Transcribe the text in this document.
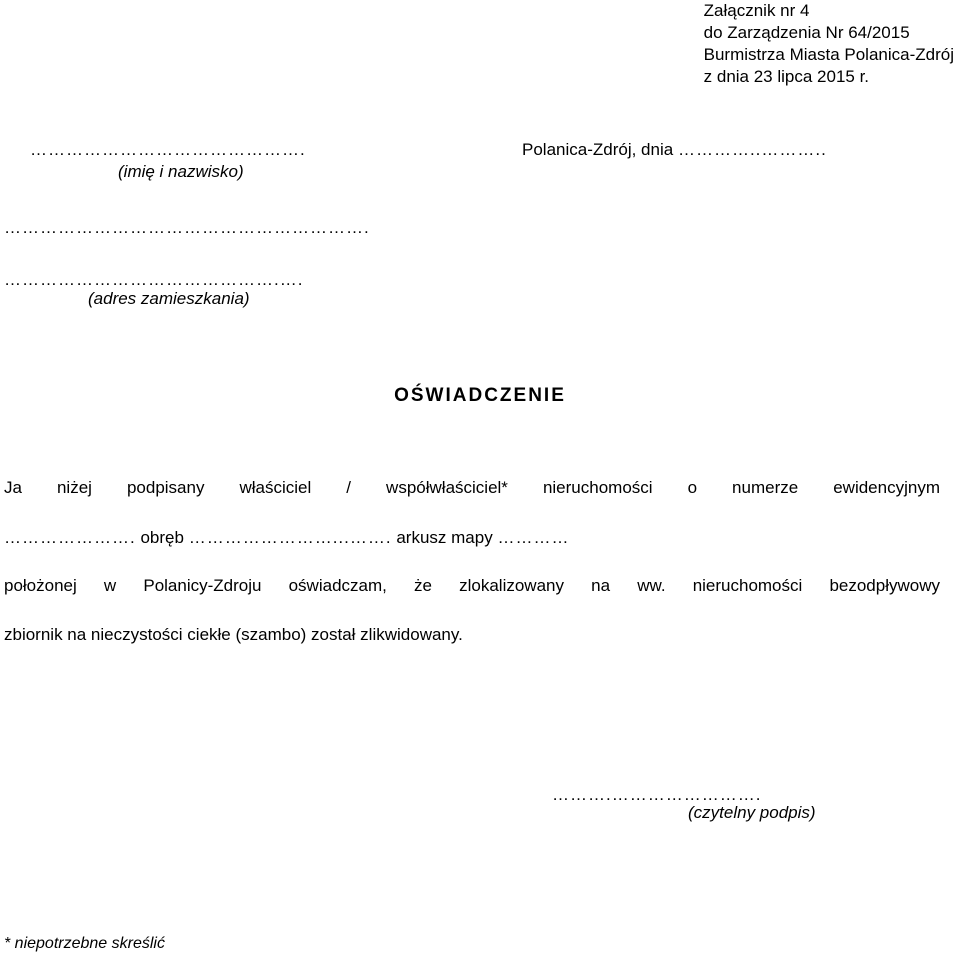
Załącznik nr 4
do Zarządzenia Nr 64/2015
Burmistrza Miasta Polanica-Zdrój
z dnia 23 lipca 2015 r.
……………………………………….
(imię i nazwisko)
Polanica-Zdrój, dnia …………..………..
…………………………………………………….
……………………………………….….
(adres zamieszkania)
OŚWIADCZENIE
Ja niżej podpisany właściciel / współwłaściciel* nieruchomości o numerze ewidencyjnym
…………………. obręb ……………………...……. arkusz mapy …………
położonej w Polanicy-Zdroju oświadczam, że zlokalizowany na ww. nieruchomości bezodpływowy
zbiornik na nieczystości ciekłe (szambo) został zlikwidowany.
……….…………………….
(czytelny podpis)
* niepotrzebne skreślić
